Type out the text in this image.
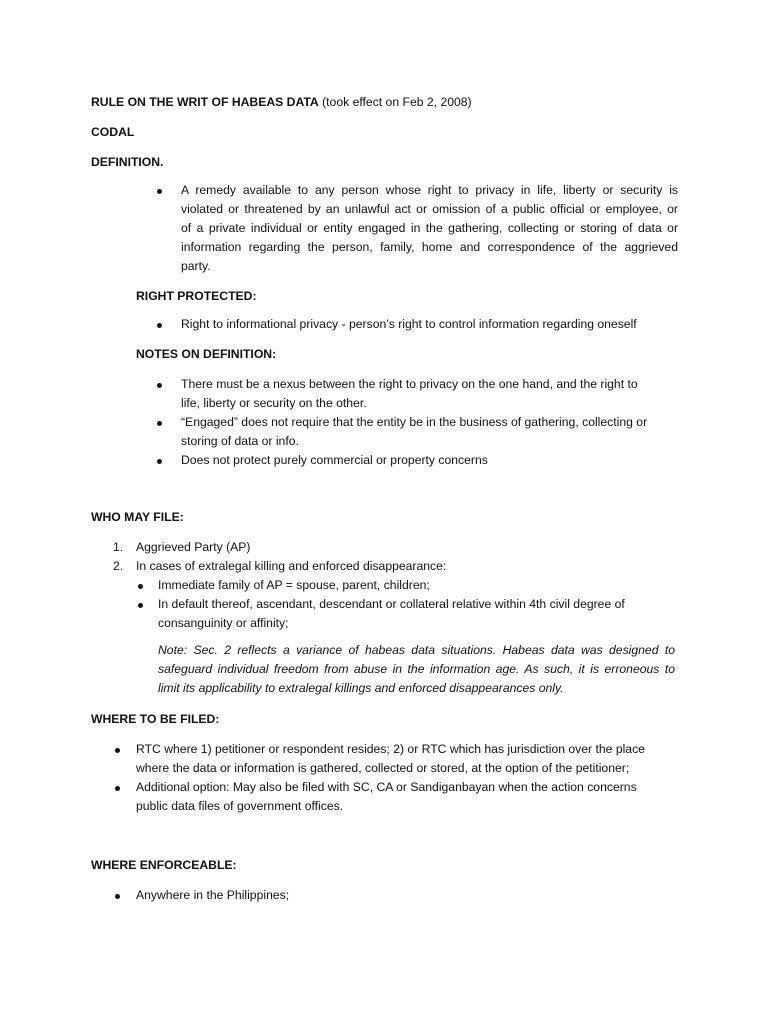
RULE ON THE WRIT OF HABEAS DATA (took effect on Feb 2, 2008)
CODAL
DEFINITION.
A remedy available to any person whose right to privacy in life, liberty or security is
violated or threatened by an unlawful act or omission of a public official or employee, or
of a private individual or entity engaged in the gathering, collecting or storing of data or
information regarding the person, family, home and correspondence of the aggrieved
party.
RIGHT PROTECTED:
Right to informational privacy - person’s right to control information regarding oneself
NOTES ON DEFINITION:
There must be a nexus between the right to privacy on the one hand, and the right to
life, liberty or security on the other.
“Engaged” does not require that the entity be in the business of gathering, collecting or
storing of data or info.
Does not protect purely commercial or property concerns
WHO MAY FILE:
1.	Aggrieved Party (AP)
2.	In cases of extralegal killing and enforced disappearance:
Immediate family of AP = spouse, parent, children;
In default thereof, ascendant, descendant or collateral relative within 4th civil degree of
consanguinity or affinity;
Note: Sec. 2 reflects a variance of habeas data situations. Habeas data was designed to
safeguard individual freedom from abuse in the information age. As such, it is erroneous to
limit its applicability to extralegal killings and enforced disappearances only.
WHERE TO BE FILED:
RTC where 1) petitioner or respondent resides; 2) or RTC which has jurisdiction over the place
where the data or information is gathered, collected or stored, at the option of the petitioner;
Additional option: May also be filed with SC, CA or Sandiganbayan when the action concerns
public data files of government offices.
WHERE ENFORCEABLE:
Anywhere in the Philippines;
